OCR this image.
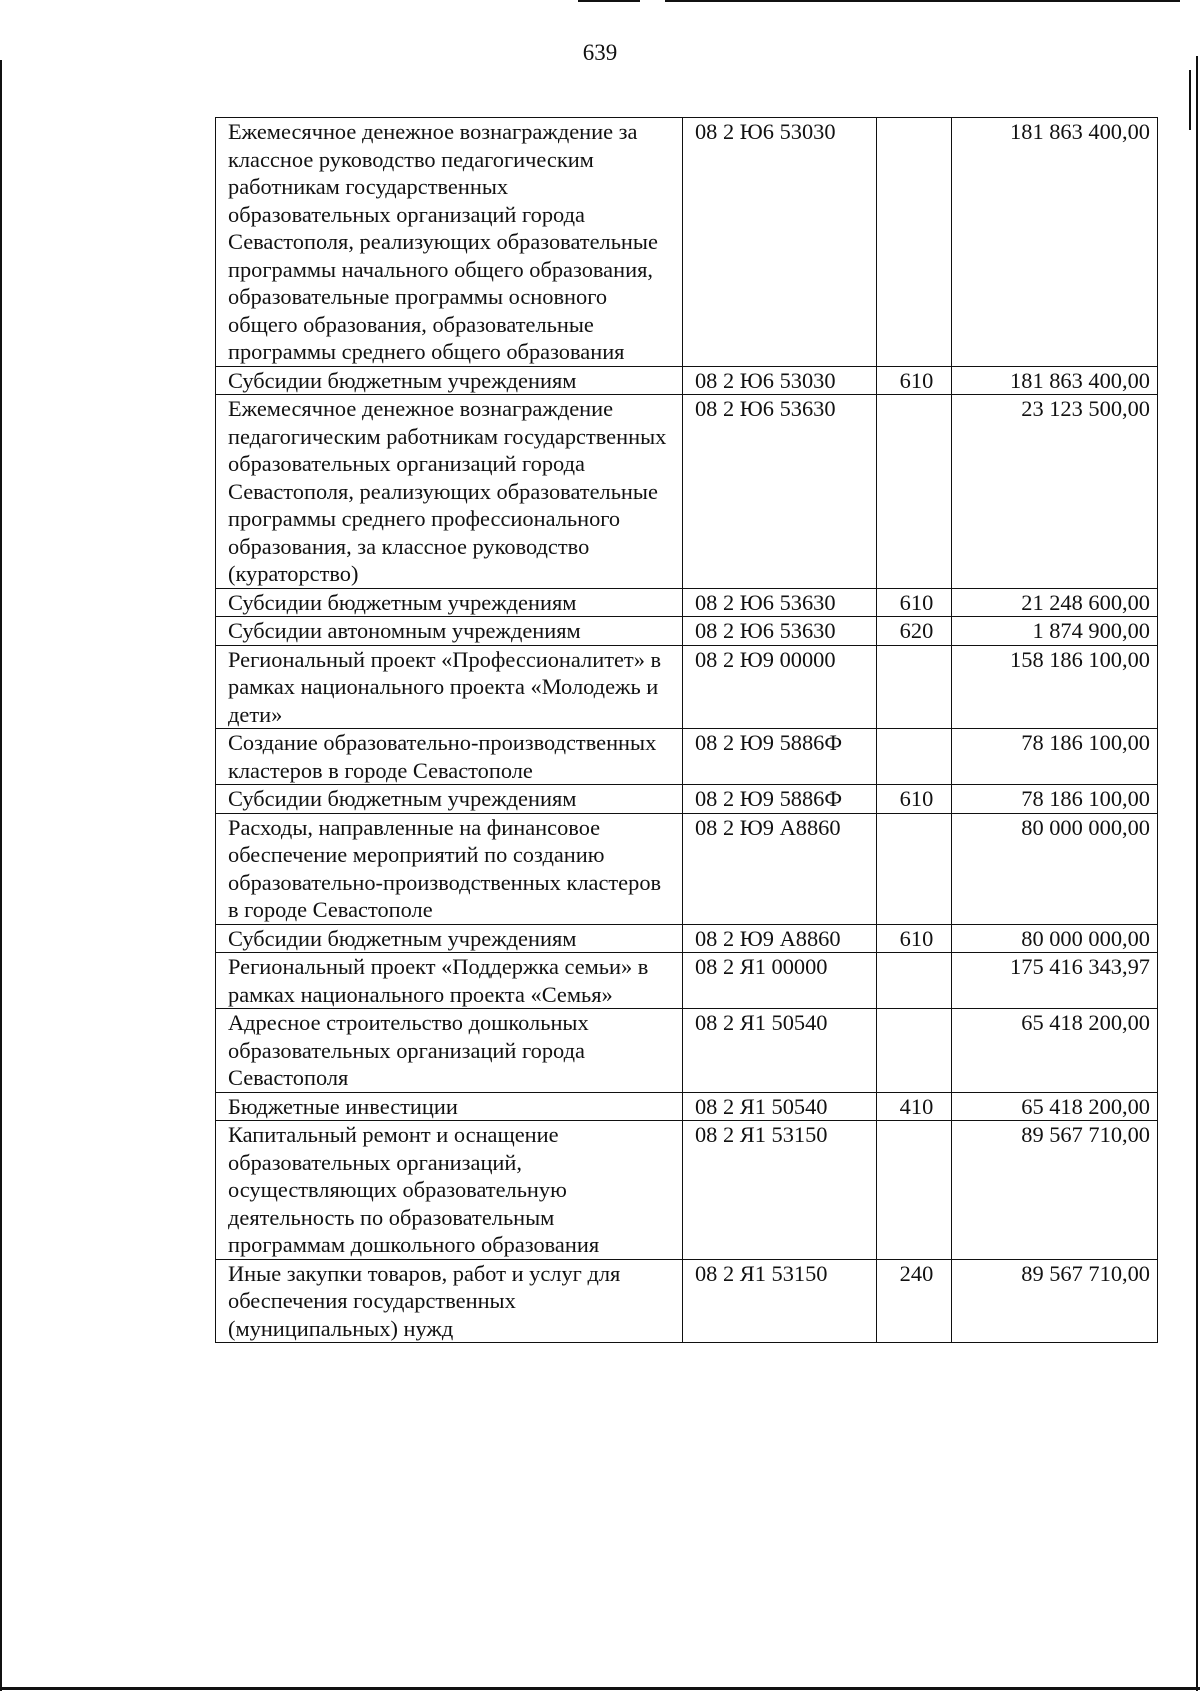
639
Ежемесячное денежное вознаграждение за классное руководство педагогическим работникам государственных образовательных организаций города Севастополя, реализующих образовательные программы начального общего образования, образовательные программы основного общего образования, образовательные программы среднего общего образования	08 2 Ю6 53030		181 863 400,00
Субсидии бюджетным учреждениям	08 2 Ю6 53030	610	181 863 400,00
Ежемесячное денежное вознаграждение педагогическим работникам государственных образовательных организаций города Севастополя, реализующих образовательные программы среднего профессионального образования, за классное руководство (кураторство)	08 2 Ю6 53630		23 123 500,00
Субсидии бюджетным учреждениям	08 2 Ю6 53630	610	21 248 600,00
Субсидии автономным учреждениям	08 2 Ю6 53630	620	1 874 900,00
Региональный проект «Профессионалитет» в рамках национального проекта «Молодежь и дети»	08 2 Ю9 00000		158 186 100,00
Создание образовательно-производственных кластеров в городе Севастополе	08 2 Ю9 5886Ф		78 186 100,00
Субсидии бюджетным учреждениям	08 2 Ю9 5886Ф	610	78 186 100,00
Расходы, направленные на финансовое обеспечение мероприятий по созданию образовательно-производственных кластеров в городе Севастополе	08 2 Ю9 А8860		80 000 000,00
Субсидии бюджетным учреждениям	08 2 Ю9 А8860	610	80 000 000,00
Региональный проект «Поддержка семьи» в рамках национального проекта «Семья»	08 2 Я1 00000		175 416 343,97
Адресное строительство дошкольных образовательных организаций города Севастополя	08 2 Я1 50540		65 418 200,00
Бюджетные инвестиции	08 2 Я1 50540	410	65 418 200,00
Капитальный ремонт и оснащение образовательных организаций, осуществляющих образовательную деятельность по образовательным программам дошкольного образования	08 2 Я1 53150		89 567 710,00
Иные закупки товаров, работ и услуг для обеспечения государственных (муниципальных) нужд	08 2 Я1 53150	240	89 567 710,00
